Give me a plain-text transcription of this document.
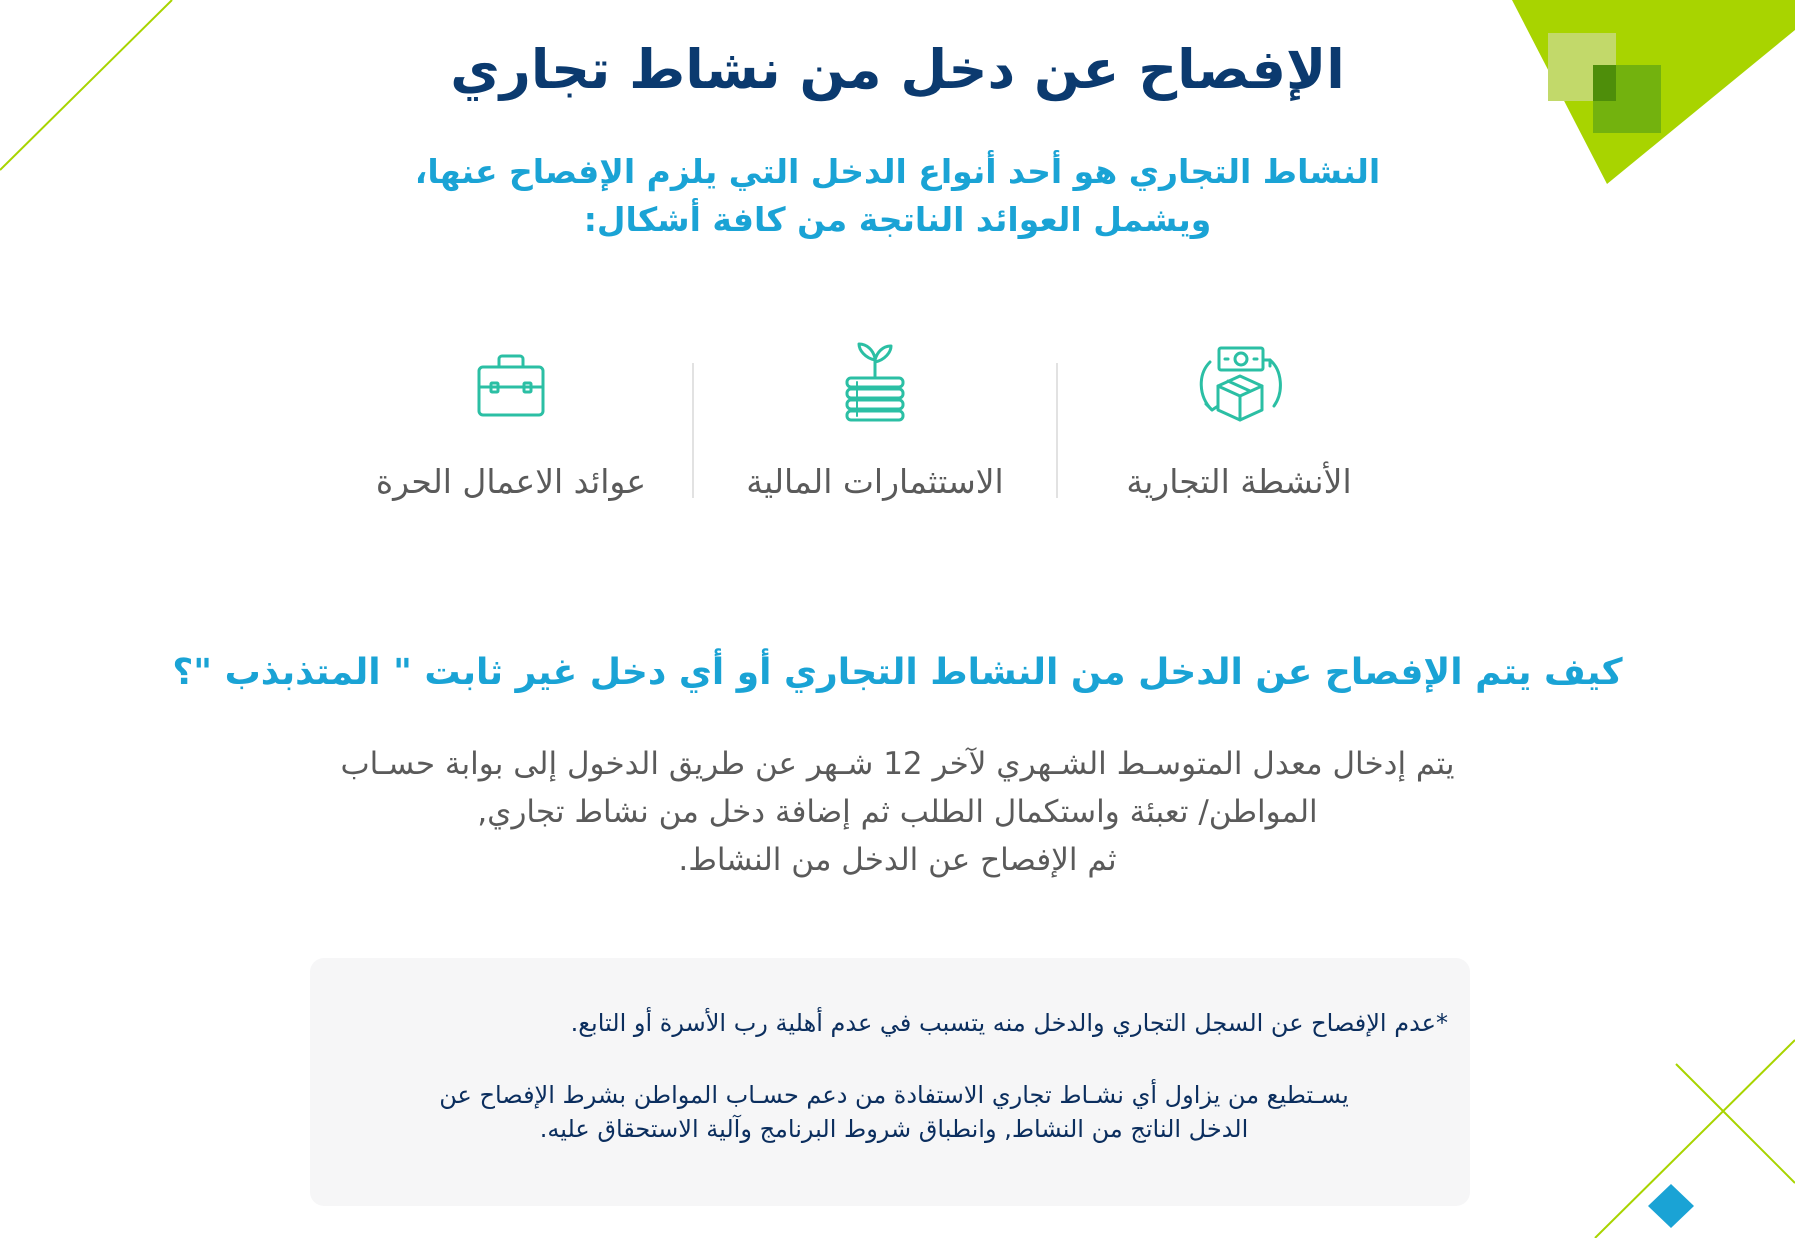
الإفصاح عن دخل من نشاط تجاري

النشاط التجاري هو أحد أنواع الدخل التي يلزم الإفصاح عنها،

ويشمل العوائد الناتجة من كافة أشكال:

الأنشطة التجارية
الاستثمارات المالية
عوائد الاعمال الحرة
كيف يتم الإفصاح عن الدخل من النشاط التجاري أو أي دخل غير ثابت " المتذبذب "؟

يتم إدخال معدل المتوسـط الشـهري لآخر 12 شـهر عن طريق الدخول إلى بوابة حسـاب

المواطن/ تعبئة واستكمال الطلب ثم إضافة دخل من نشاط تجاري,

ثم الإفصاح عن الدخل من النشاط.

*عدم الإفصاح عن السجل التجاري والدخل منه يتسبب في عدم أهلية رب الأسرة أو التابع.

يسـتطيع من يزاول أي نشـاط تجاري الاستفادة من دعم حسـاب المواطن بشرط الإفصاح عن

الدخل الناتج من النشاط, وانطباق شروط البرنامج وآلية الاستحقاق عليه.
